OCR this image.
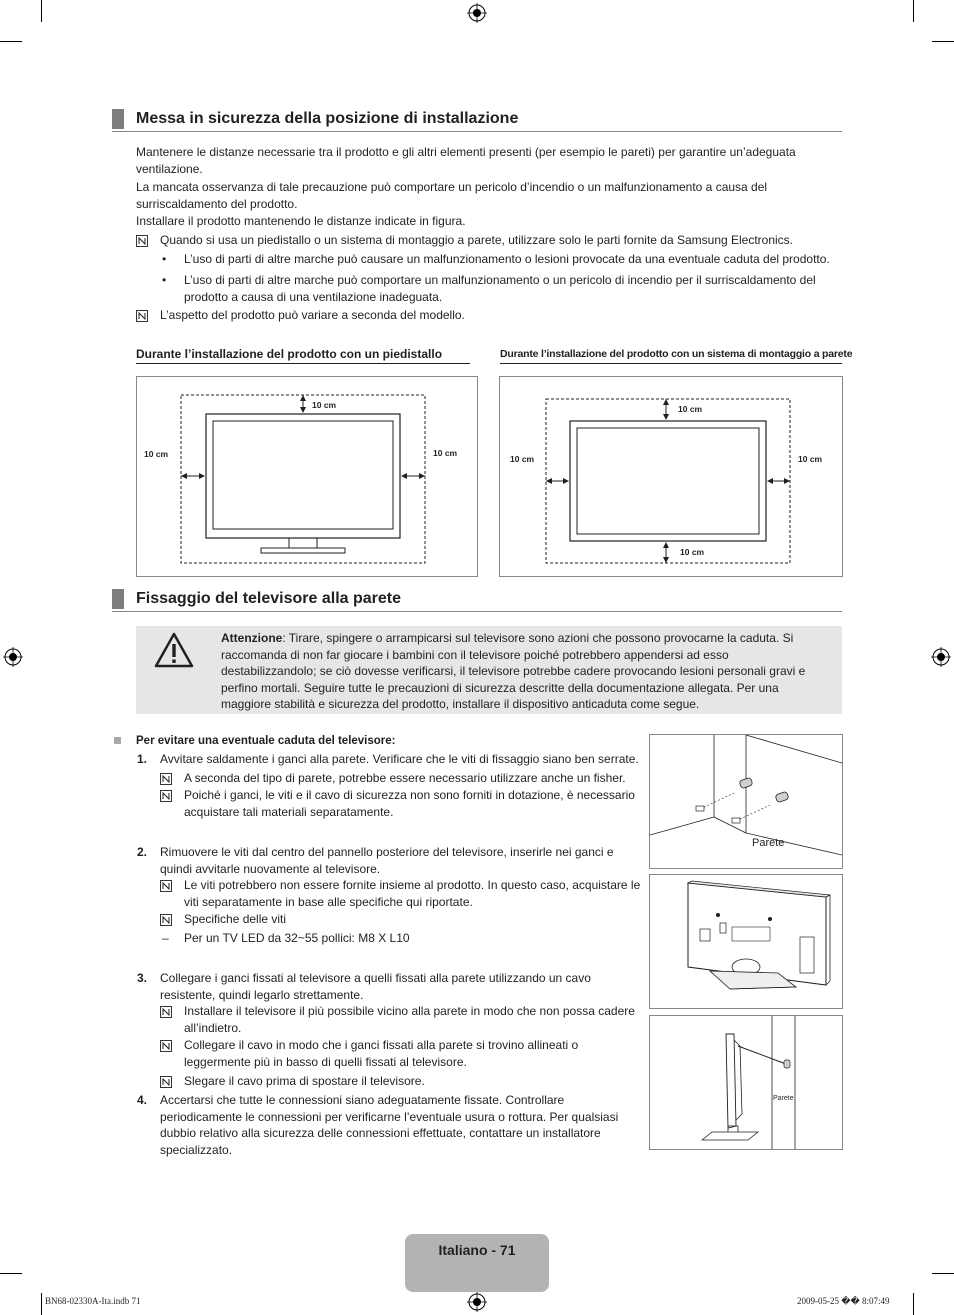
Messa in sicurezza della posizione di installazione
Mantenere le distanze necessarie tra il prodotto e gli altri elementi presenti (per esempio le pareti) per garantire un’adeguata ventilazione.
La mancata osservanza di tale precauzione può comportare un pericolo d’incendio o un malfunzionamento a causa del surriscaldamento del prodotto.
Installare il prodotto mantenendo le distanze indicate in figura.
Quando si usa un piedistallo o un sistema di montaggio a parete, utilizzare solo le parti fornite da Samsung Electronics.
• L’uso di parti di altre marche può causare un malfunzionamento o lesioni provocate da una eventuale caduta del prodotto.
• L’uso di parti di altre marche può comportare un malfunzionamento o un pericolo di incendio per il surriscaldamento del prodotto a causa di una ventilazione inadeguata.
L’aspetto del prodotto può variare a seconda del modello.
Durante l’installazione del prodotto con un piedistallo	Durante l’installazione del prodotto con un sistema di montaggio a parete
10 cm
10 cm	10 cm
10 cm
10 cm
10 cm	10 cm
Fissaggio del televisore alla parete
Attenzione: Tirare, spingere o arrampicarsi sul televisore sono azioni che possono provocarne la caduta. Si raccomanda di non far giocare i bambini con il televisore poiché potrebbero appendersi ad esso destabilizzandolo; se ciò dovesse verificarsi, il televisore potrebbe cadere provocando lesioni personali gravi e perfino mortali. Seguire tutte le precauzioni di sicurezza descritte della documentazione allegata. Per una maggiore stabilità e sicurezza del prodotto, installare il dispositivo anticaduta come segue.
Per evitare una eventuale caduta del televisore:
1. Avvitare saldamente i ganci alla parete. Verificare che le viti di fissaggio siano ben serrate.
A seconda del tipo di parete, potrebbe essere necessario utilizzare anche un fisher.
Poiché i ganci, le viti e il cavo di sicurezza non sono forniti in dotazione, è necessario acquistare tali materiali separatamente.
2. Rimuovere le viti dal centro del pannello posteriore del televisore, inserirle nei ganci e quindi avvitarle nuovamente al televisore.
Le viti potrebbero non essere fornite insieme al prodotto. In questo caso, acquistare le viti separatamente in base alle specifiche qui riportate.
Specifiche delle viti
– Per un TV LED da 32~55 pollici: M8 X L10
3. Collegare i ganci fissati al televisore a quelli fissati alla parete utilizzando un cavo resistente, quindi legarlo strettamente.
Installare il televisore il più possibile vicino alla parete in modo che non possa cadere all’indietro.
Collegare il cavo in modo che i ganci fissati alla parete si trovino allineati o leggermente più in basso di quelli fissati al televisore.
Slegare il cavo prima di spostare il televisore.
4. Accertarsi che tutte le connessioni siano adeguatamente fissate. Controllare periodicamente le connessioni per verificarne l’eventuale usura o rottura. Per qualsiasi dubbio relativo alla sicurezza delle connessioni effettuate, contattare un installatore specializzato.
Parete
Parete
Italiano - 71
BN68-02330A-Ita.indb 71	2009-05-25 �� 8:07:49
